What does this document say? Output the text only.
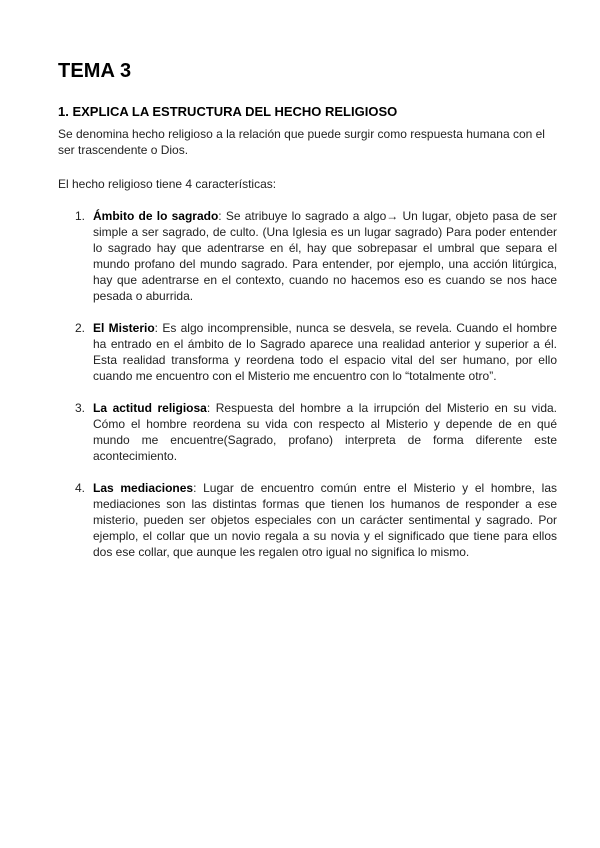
TEMA 3
1. EXPLICA LA ESTRUCTURA DEL HECHO RELIGIOSO

Se denomina hecho religioso a la relación que puede surgir como respuesta humana con el ser trascendente o Dios.

El hecho religioso tiene 4 características:

1. Ámbito de lo sagrado: Se atribuye lo sagrado a algo→ Un lugar, objeto pasa de ser simple a ser sagrado, de culto. (Una Iglesia es un lugar sagrado) Para poder entender lo sagrado hay que adentrarse en él, hay que sobrepasar el umbral que separa el mundo profano del mundo sagrado. Para entender, por ejemplo, una acción litúrgica, hay que adentrarse en el contexto, cuando no hacemos eso es cuando se nos hace pesada o aburrida.
2. El Misterio: Es algo incomprensible, nunca se desvela, se revela. Cuando el hombre ha entrado en el ámbito de lo Sagrado aparece una realidad anterior y superior a él. Esta realidad transforma y reordena todo el espacio vital del ser humano, por ello cuando me encuentro con el Misterio me encuentro con lo “totalmente otro”.
3. La actitud religiosa: Respuesta del hombre a la irrupción del Misterio en su vida. Cómo el hombre reordena su vida con respecto al Misterio y depende de en qué mundo me encuentre(Sagrado, profano) interpreta de forma diferente este acontecimiento.
4. Las mediaciones: Lugar de encuentro común entre el Misterio y el hombre, las mediaciones son las distintas formas que tienen los humanos de responder a ese misterio, pueden ser objetos especiales con un carácter sentimental y sagrado. Por ejemplo, el collar que un novio regala a su novia y el significado que tiene para ellos dos ese collar, que aunque les regalen otro igual no significa lo mismo.
